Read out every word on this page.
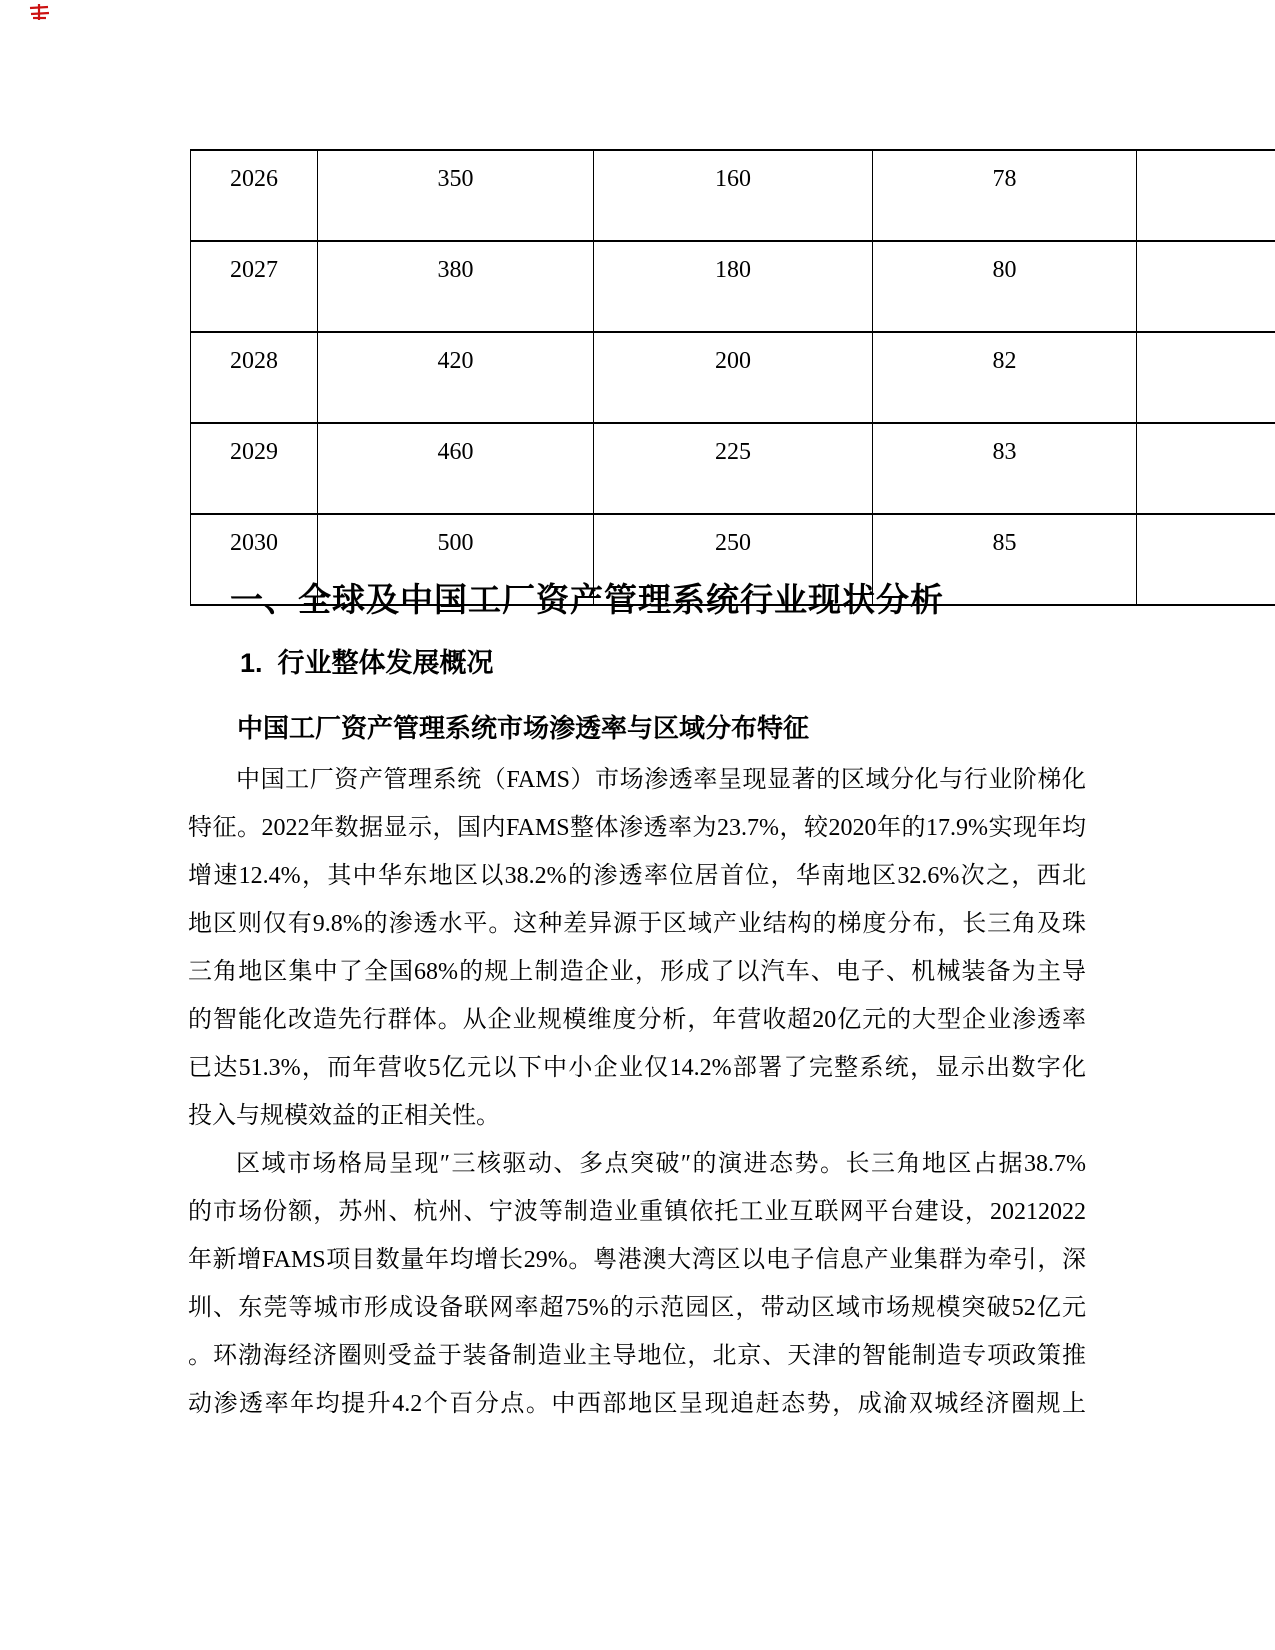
2026	350	160	78	
2027	380	180	80	
2028	420	200	82	
2029	460	225	83	
2030	500	250	85	
一、全球及中国工厂资产管理系统行业现状分析
1.  行业整体发展概况
中国工厂资产管理系统市场渗透率与区域分布特征
中国工厂资产管理系统（FAMS）市场渗透率呈现显著的区域分化与行业阶梯化
特征。2022年数据显示，国内FAMS整体渗透率为23.7%，较2020年的17.9%实现年均
增速12.4%，其中华东地区以38.2%的渗透率位居首位，华南地区32.6%次之，西北
地区则仅有9.8%的渗透水平。这种差异源于区域产业结构的梯度分布，长三角及珠
三角地区集中了全国68%的规上制造企业，形成了以汽车、电子、机械装备为主导
的智能化改造先行群体。从企业规模维度分析，年营收超20亿元的大型企业渗透率
已达51.3%，而年营收5亿元以下中小企业仅14.2%部署了完整系统，显示出数字化
投入与规模效益的正相关性。
区域市场格局呈现″三核驱动、多点突破″的演进态势。长三角地区占据38.7%
的市场份额，苏州、杭州、宁波等制造业重镇依托工业互联网平台建设，20212022
年新增FAMS项目数量年均增长29%。粤港澳大湾区以电子信息产业集群为牵引，深
圳、东莞等城市形成设备联网率超75%的示范园区，带动区域市场规模突破52亿元
。环渤海经济圈则受益于装备制造业主导地位，北京、天津的智能制造专项政策推
动渗透率年均提升4.2个百分点。中西部地区呈现追赶态势，成渝双城经济圈规上
